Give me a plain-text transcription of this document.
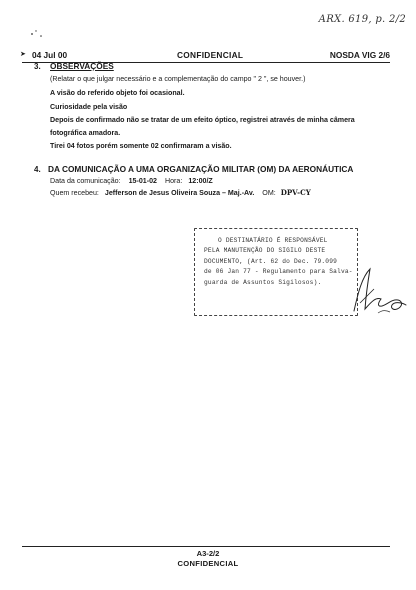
ARX. 619, p. 2/2
➤ 04 Jul 00	CONFIDENCIAL	NOSDA VIG 2/6
3. OBSERVAÇÕES
(Relatar o que julgar necessário e a complementação do campo " 2 ", se houver.)
A visão do referido objeto foi ocasional.
Curiosidade pela visão
Depois de confirmado não se tratar de um efeito óptico, registrei através de minha câmera
fotográfica amadora.
Tirei 04 fotos porém somente 02 confirmaram a visão.
4. DA COMUNICAÇÃO A UMA ORGANIZAÇÃO MILITAR (OM) DA AERONÁUTICA
Data da comunicação: 15-01-02 Hora: 12:00/Z
Quem recebeu: Jefferson de Jesus Oliveira Souza – Maj.-Av. OM: DPV-CY
O DESTINATÁRIO É RESPONSÁVEL
PELA MANUTENÇÃO DO SIGILO DESTE
DOCUMENTO, (Art. 62 do Dec. 79.099
de 06 Jan 77 - Regulamento para Salva-
guarda de Assuntos Sigilosos).
A3-2/2
CONFIDENCIAL
